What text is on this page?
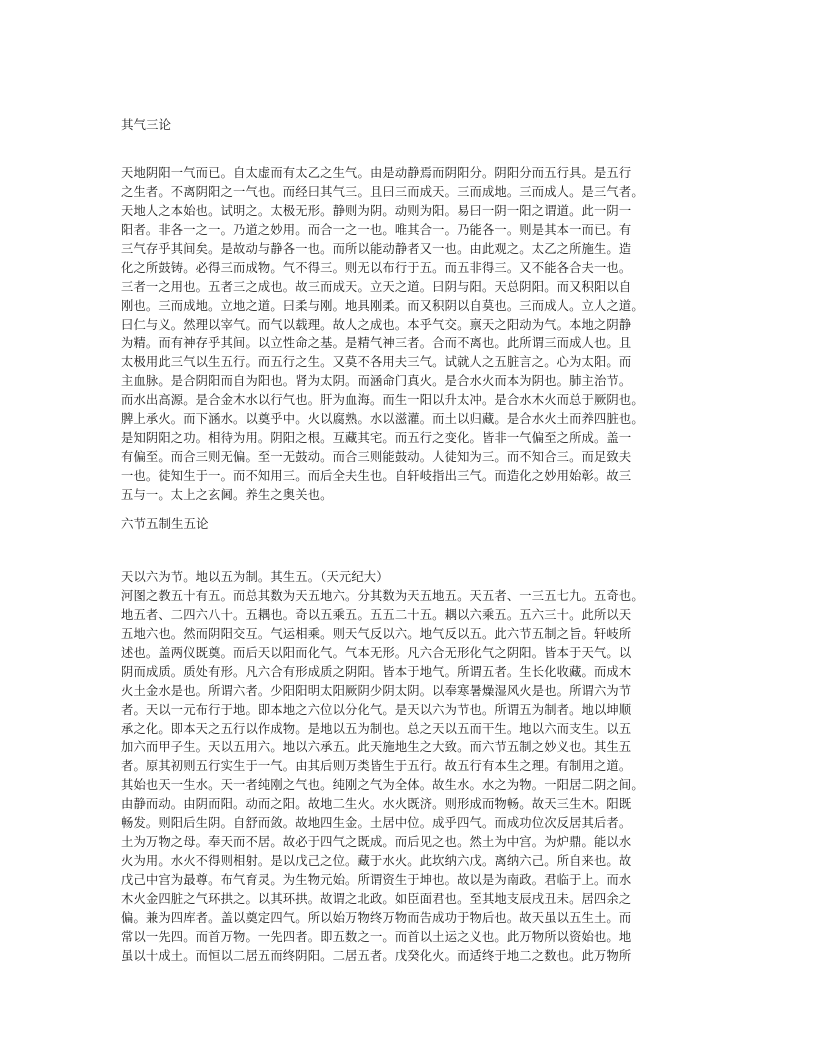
其气三论
天地阴阳一气而已。自太虚而有太乙之生气。由是动静焉而阴阳分。阴阳分而五行具。是五行
之生者。不离阴阳之一气也。而经曰其气三。且曰三而成天。三而成地。三而成人。是三气者。
天地人之本始也。试明之。太极无形。静则为阴。动则为阳。易曰一阴一阳之谓道。此一阴一
阳者。非各一之一。乃道之妙用。而合一之一也。唯其合一。乃能各一。则是其本一而已。有
三气存乎其间矣。是故动与静各一也。而所以能动静者又一也。由此观之。太乙之所施生。造
化之所鼓铸。必得三而成物。气不得三。则无以布行于五。而五非得三。又不能各合夫一也。
三者一之用也。五者三之成也。故三而成天。立天之道。曰阴与阳。天总阴阳。而又积阳以自
刚也。三而成地。立地之道。曰柔与刚。地具刚柔。而又积阴以自莫也。三而成人。立人之道。
曰仁与义。然理以宰气。而气以载理。故人之成也。本乎气交。禀天之阳动为气。本地之阴静
为精。而有神存乎其间。以立性命之基。是精气神三者。合而不离也。此所谓三而成人也。且
太极用此三气以生五行。而五行之生。又莫不各用夫三气。试就人之五脏言之。心为太阳。而
主血脉。是合阴阳而自为阳也。肾为太阴。而涵命门真火。是合水火而本为阴也。肺主治节。
而水出高源。是合金木水以行气也。肝为血海。而生一阳以升太冲。是合水木火而总于厥阴也。
脾上承火。而下涵水。以奠乎中。火以腐熟。水以滋灌。而土以归藏。是合水火土而养四脏也。
是知阴阳之功。相待为用。阴阳之根。互藏其宅。而五行之变化。皆非一气偏至之所成。盖一
有偏至。而合三则无偏。至一无鼓动。而合三则能鼓动。人徒知为三。而不知合三。而足致夫
一也。徒知生于一。而不知用三。而后全夫生也。自轩岐指出三气。而造化之妙用始彰。故三
五与一。太上之玄阃。养生之奥关也。
六节五制生五论
天以六为节。地以五为制。其生五。（天元纪大）
河图之教五十有五。而总其数为天五地六。分其数为天五地五。天五者、一三五七九。五奇也。
地五者、二四六八十。五耦也。奇以五乘五。五五二十五。耦以六乘五。五六三十。此所以天
五地六也。然而阴阳交互。气运相乘。则天气反以六。地气反以五。此六节五制之旨。轩岐所
述也。盖两仪既奠。而后天以阳而化气。气本无形。凡六合无形化气之阴阳。皆本于天气。以
阴而成质。质处有形。凡六合有形成质之阴阳。皆本于地气。所谓五者。生长化收藏。而成木
火土金水是也。所谓六者。少阳阳明太阳厥阴少阴太阴。以奉寒暑燥湿风火是也。所谓六为节
者。天以一元布行于地。即本地之六位以分化气。是天以六为节也。所谓五为制者。地以坤顺
承之化。即本天之五行以作成物。是地以五为制也。总之天以五而干生。地以六而支生。以五
加六而甲子生。天以五用六。地以六承五。此天施地生之大致。而六节五制之妙义也。其生五
者。原其初则五行实生于一气。由其后则万类皆生于五行。故五行有本生之理。有制用之道。
其始也天一生水。天一者纯刚之气也。纯刚之气为全体。故生水。水之为物。一阳居二阴之间。
由静而动。由阴而阳。动而之阳。故地二生火。水火既济。则形成而物畅。故天三生木。阳既
畅发。则阳后生阴。自舒而敛。故地四生金。土居中位。成乎四气。而成功位次反居其后者。
土为万物之母。奉天而不居。故必于四气之既成。而后见之也。然土为中宫。为炉鼎。能以水
火为用。水火不得则相射。是以戊己之位。藏于水火。此坎纳六戊。离纳六己。所自来也。故
戊己中宫为最尊。布气育灵。为生物元始。所谓资生于坤也。故以是为南政。君临于上。而水
木火金四脏之气环拱之。以其环拱。故谓之北政。如臣面君也。至其地支辰戌丑未。居四余之
偏。兼为四库者。盖以奠定四气。所以始万物终万物而告成功于物后也。故天虽以五生土。而
常以一先四。而首万物。一先四者。即五数之一。而首以土运之义也。此万物所以资始也。地
虽以十成土。而恒以二居五而终阴阳。二居五者。戊癸化火。而适终于地二之数也。此万物所
